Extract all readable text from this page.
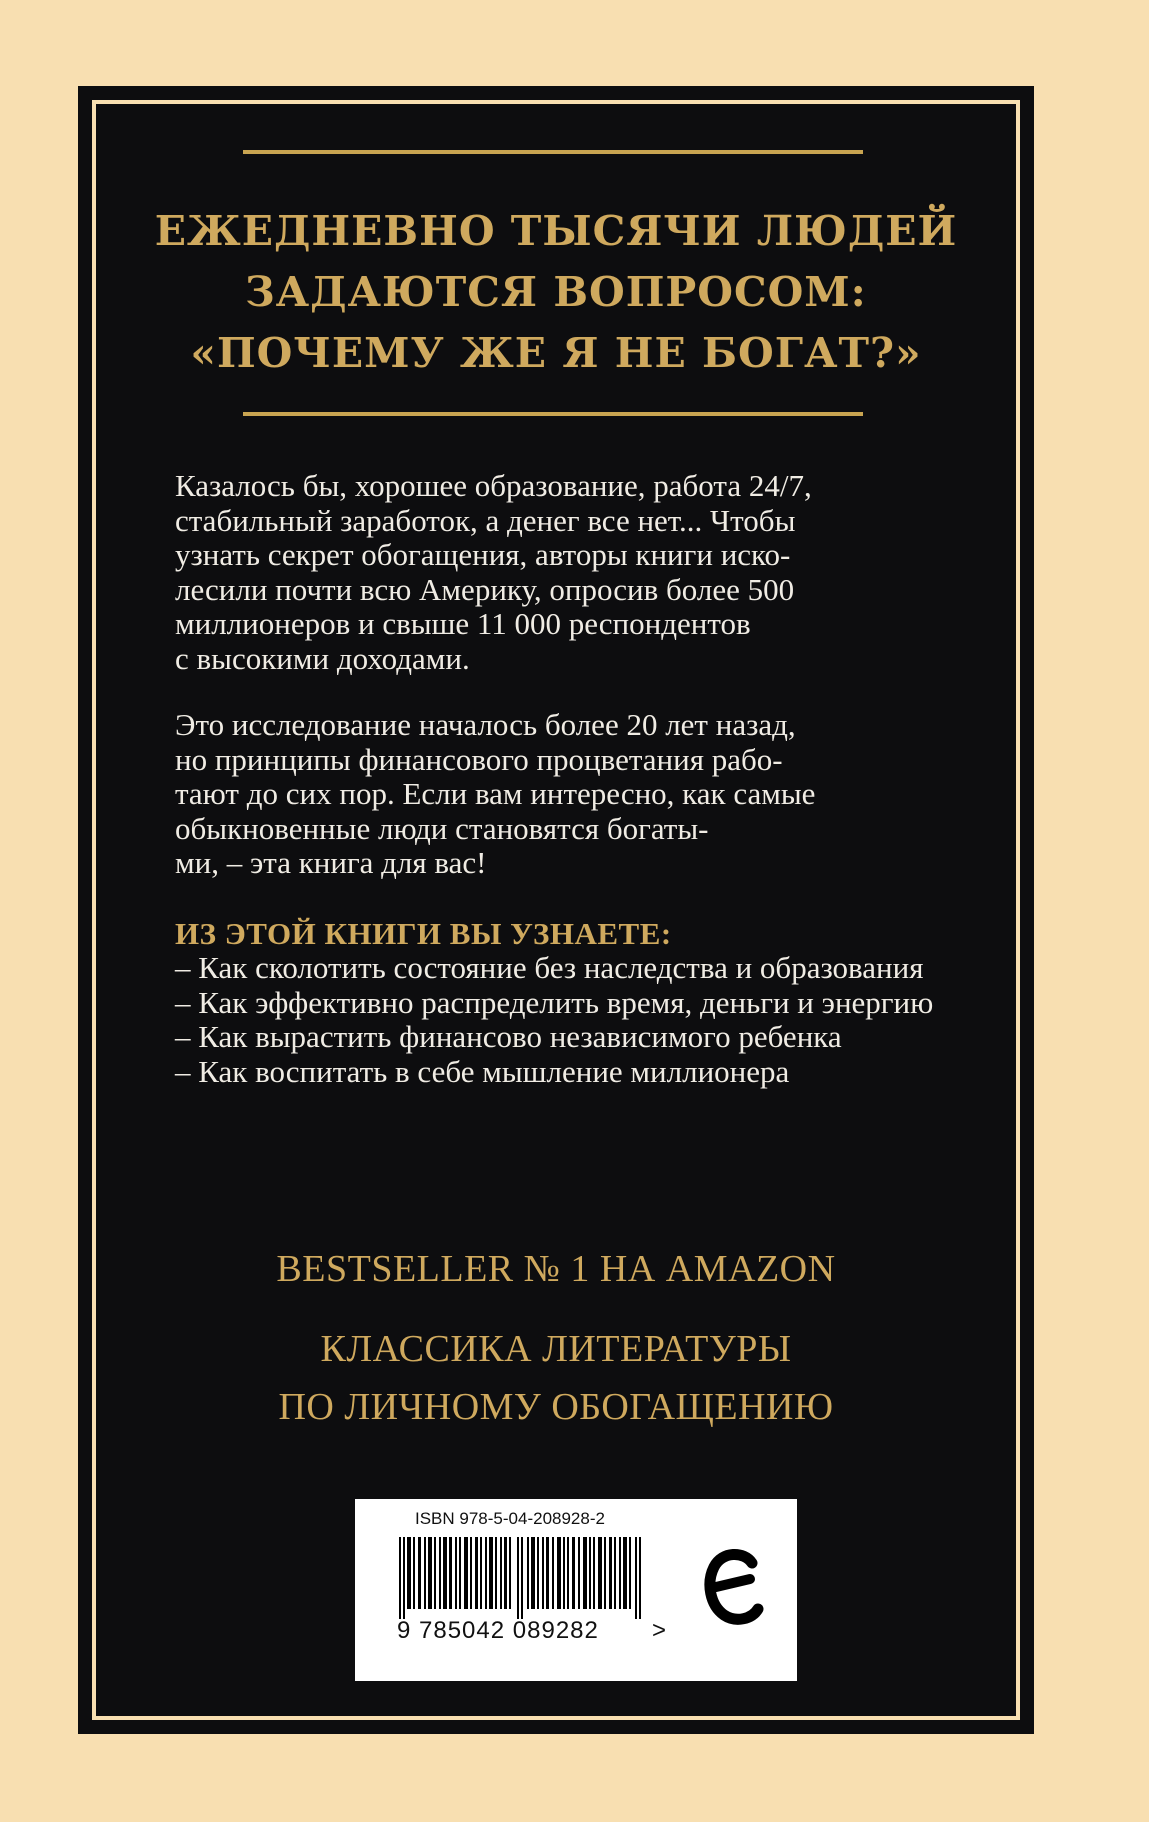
ЕЖЕДНЕВНО ТЫСЯЧИ ЛЮДЕЙ
ЗАДАЮТСЯ ВОПРОСОМ:
«ПОЧЕМУ ЖЕ Я НЕ БОГАТ?»

Казалось бы, хорошее образование, работа 24/7,
стабильный заработок, а денег все нет... Чтобы
узнать секрет обогащения, авторы книги иско-
лесили почти всю Америку, опросив более 500
миллионеров и свыше 11 000 респондентов
с высокими доходами.

Это исследование началось более 20 лет назад,
но принципы финансового процветания рабо-
тают до сих пор. Если вам интересно, как самые
обыкновенные люди становятся богаты-
ми, – эта книга для вас!

ИЗ ЭТОЙ КНИГИ ВЫ УЗНАЕТЕ:
– Как сколотить состояние без наследства и образования
– Как эффективно распределить время, деньги и энергию
– Как вырастить финансово независимого ребенка
– Как воспитать в себе мышление миллионера
BESTSELLER № 1 НА AMAZON
КЛАССИКА ЛИТЕРАТУРЫ
ПО ЛИЧНОМУ ОБОГАЩЕНИЮ
ISBN 978-5-04-208928-2
9 785042 089282 >
